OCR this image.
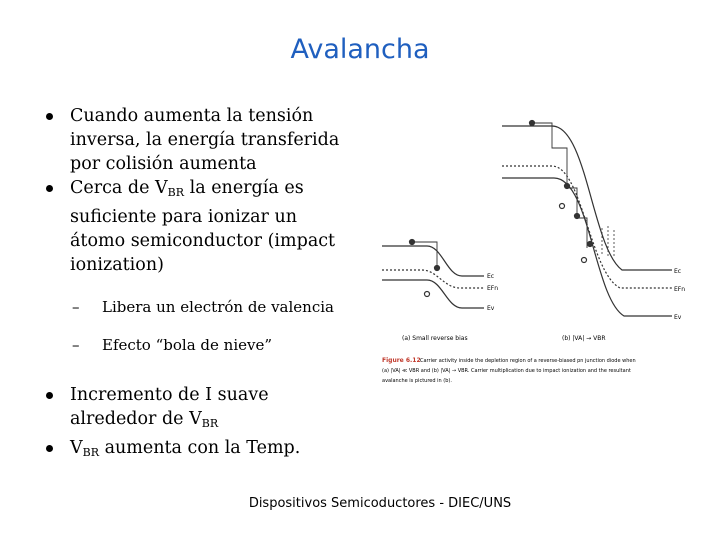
Avalancha

Cuando aumenta la tensión inversa, la energía transferida por colisión aumenta

Cerca de $V_{BR}$ la energía es suficiente para ionizar un átomo semiconductor (impact ionization)

– Libera un electrón de valencia

– Efecto “bola de nieve”

Incremento de I suave alrededor de $V_{BR}$

$V_{BR}$ aumenta con la Temp.

Ec
EFn
Ev
Ec
EFn
Ev
(a) Small reverse bias	(b) |VA| → VBR
Figure 6.12 Carrier activity inside the depletion region of a reverse-biased pn junction diode when
(a) |VA| ≪ VBR and (b) |VA| → VBR. Carrier multiplication due to impact ionization and the resultant
avalanche is pictured in (b).
Dispositivos Semicoductores - DIEC/UNS
